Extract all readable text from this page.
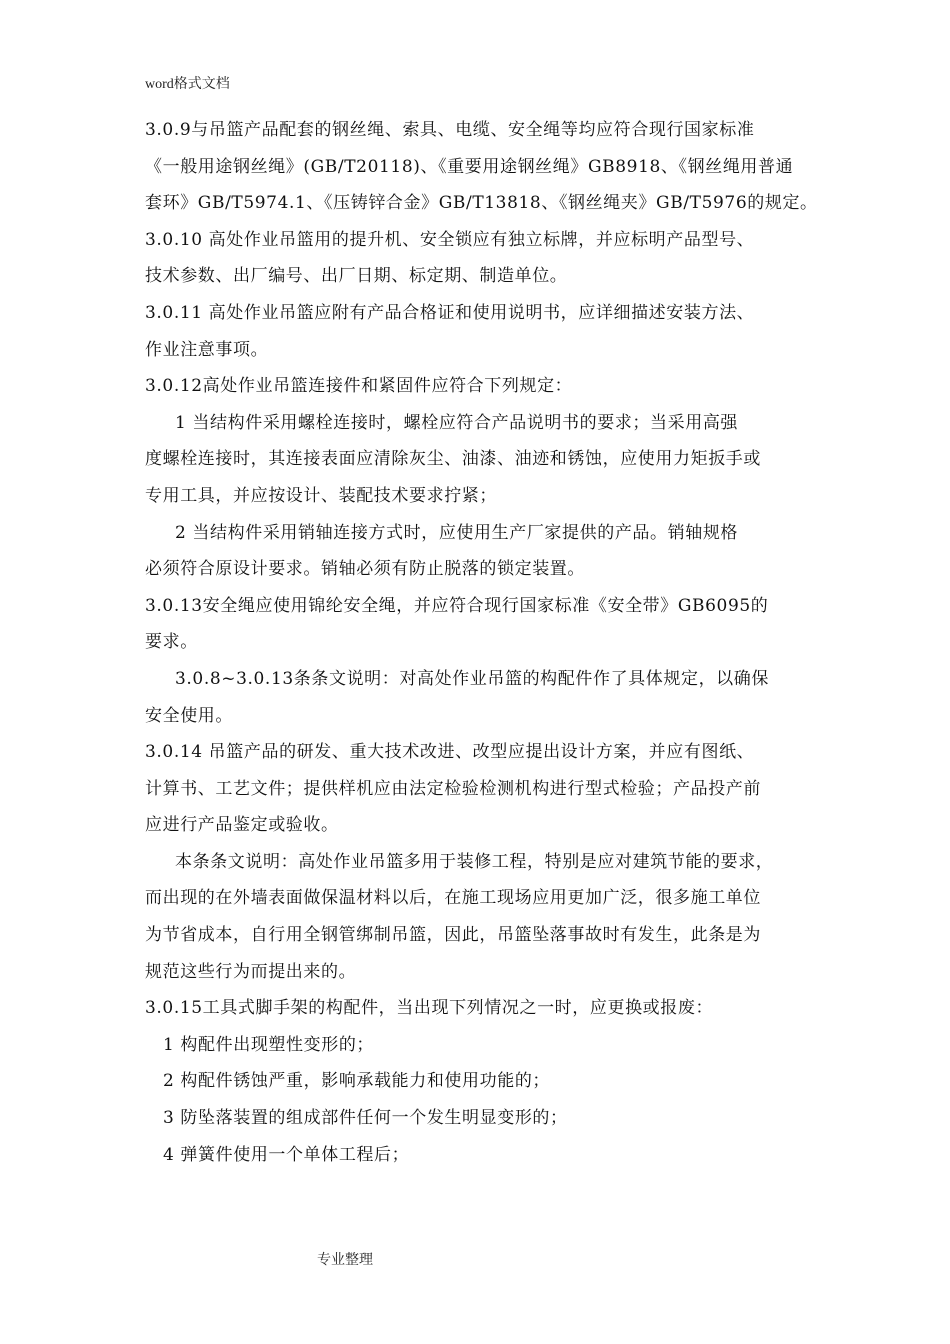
word格式文档
3.0.9与吊篮产品配套的钢丝绳、索具、电缆、安全绳等均应符合现行国家标准
《一般用途钢丝绳》(GB/T20118)、《重要用途钢丝绳》GB8918、《钢丝绳用普通
套环》GB/T5974.1、《压铸锌合金》GB/T13818、《钢丝绳夹》GB/T5976的规定。
3.0.10 高处作业吊篮用的提升机、安全锁应有独立标牌，并应标明产品型号、
技术参数、出厂编号、出厂日期、标定期、制造单位。
3.0.11 高处作业吊篮应附有产品合格证和使用说明书，应详细描述安装方法、
作业注意事项。
3.0.12高处作业吊篮连接件和紧固件应符合下列规定：
1 当结构件采用螺栓连接时，螺栓应符合产品说明书的要求；当采用高强
度螺栓连接时，其连接表面应清除灰尘、油漆、油迹和锈蚀，应使用力矩扳手或
专用工具，并应按设计、装配技术要求拧紧；
2 当结构件采用销轴连接方式时，应使用生产厂家提供的产品。销轴规格
必须符合原设计要求。销轴必须有防止脱落的锁定装置。
3.0.13安全绳应使用锦纶安全绳，并应符合现行国家标准《安全带》GB6095的
要求。
3.0.8~3.0.13条条文说明：对高处作业吊篮的构配件作了具体规定，以确保
安全使用。
3.0.14 吊篮产品的研发、重大技术改进、改型应提出设计方案，并应有图纸、
计算书、工艺文件；提供样机应由法定检验检测机构进行型式检验；产品投产前
应进行产品鉴定或验收。
本条条文说明：高处作业吊篮多用于装修工程，特别是应对建筑节能的要求，
而出现的在外墙表面做保温材料以后，在施工现场应用更加广泛，很多施工单位
为节省成本，自行用全钢管绑制吊篮，因此，吊篮坠落事故时有发生，此条是为
规范这些行为而提出来的。
3.0.15工具式脚手架的构配件，当出现下列情况之一时，应更换或报废：
1 构配件出现塑性变形的；
2 构配件锈蚀严重，影响承载能力和使用功能的；
3 防坠落装置的组成部件任何一个发生明显变形的；
4 弹簧件使用一个单体工程后；
专业整理
